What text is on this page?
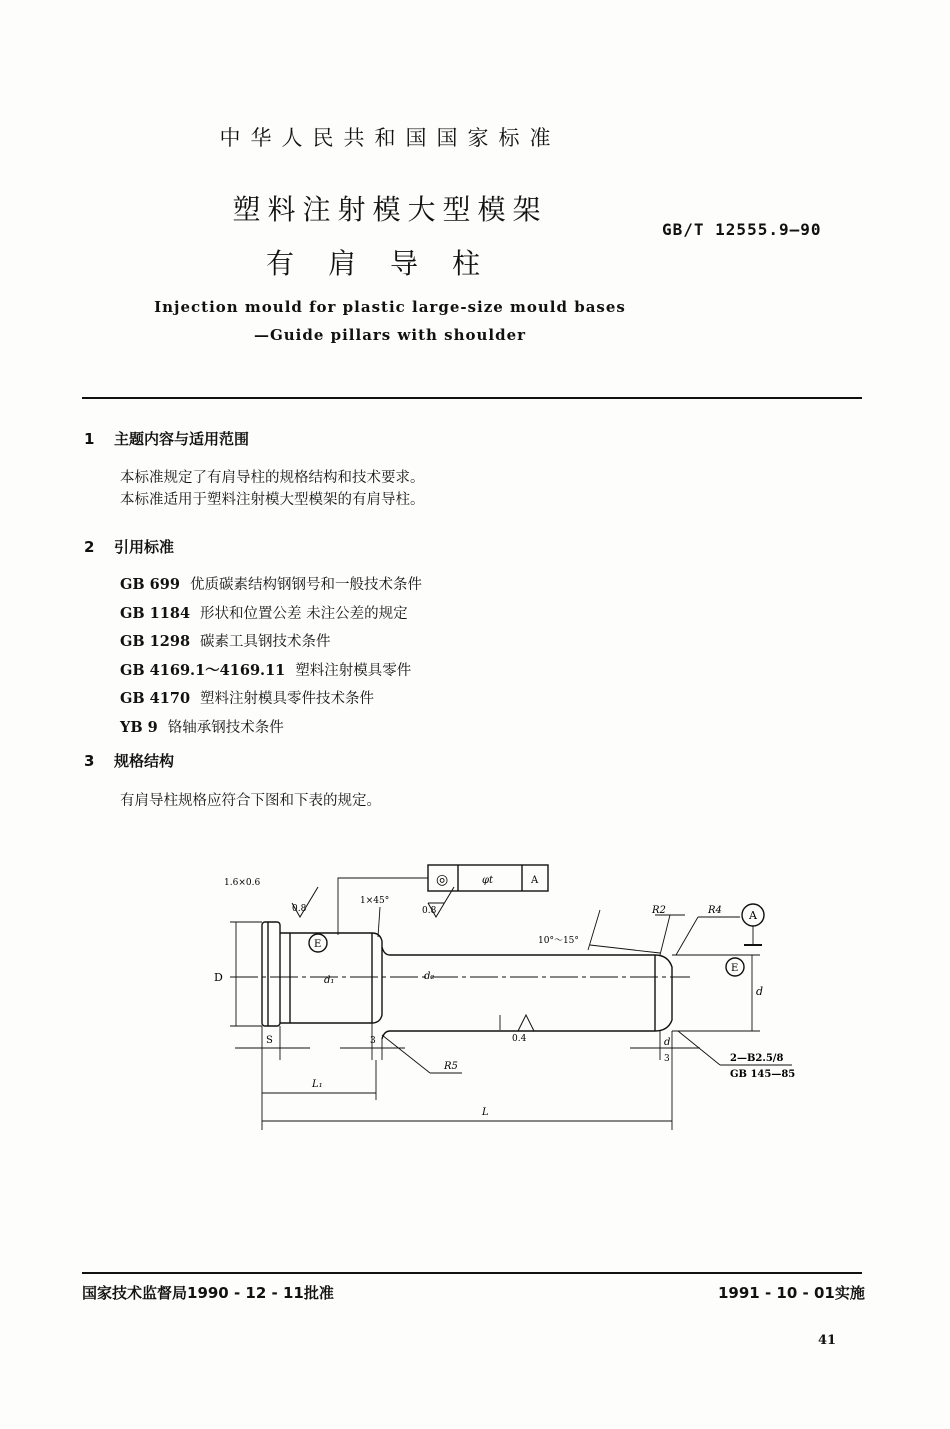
中华人民共和国国家标准
塑料注射模大型模架
有肩导柱
GB/T 12555.9—90
Injection mould for plastic large-size mould bases
—Guide pillars with shoulder
1 主题内容与适用范围
本标准规定了有肩导柱的规格结构和技术要求。
本标准适用于塑料注射模大型模架的有肩导柱。
2 引用标准
GB 699 优质碳素结构钢钢号和一般技术条件
GB 1184 形状和位置公差 未注公差的规定
GB 1298 碳素工具钢技术条件
GB 4169.1～4169.11 塑料注射模具零件
GB 4170 塑料注射模具零件技术条件
YB 9 铬轴承钢技术条件
3 规格结构
有肩导柱规格应符合下图和下表的规定。
1.6×0.6
0.8
1×45°
0.8
◎	φt	A
10°～15°
R2	R4 A
E
E
D	d₁	d₂
d
S	3
R5
0.4	d
3	2—B2.5/8
GB 145—85
L₁
L
国家技术监督局1990 - 12 - 11批准	1991 - 10 - 01实施
41
